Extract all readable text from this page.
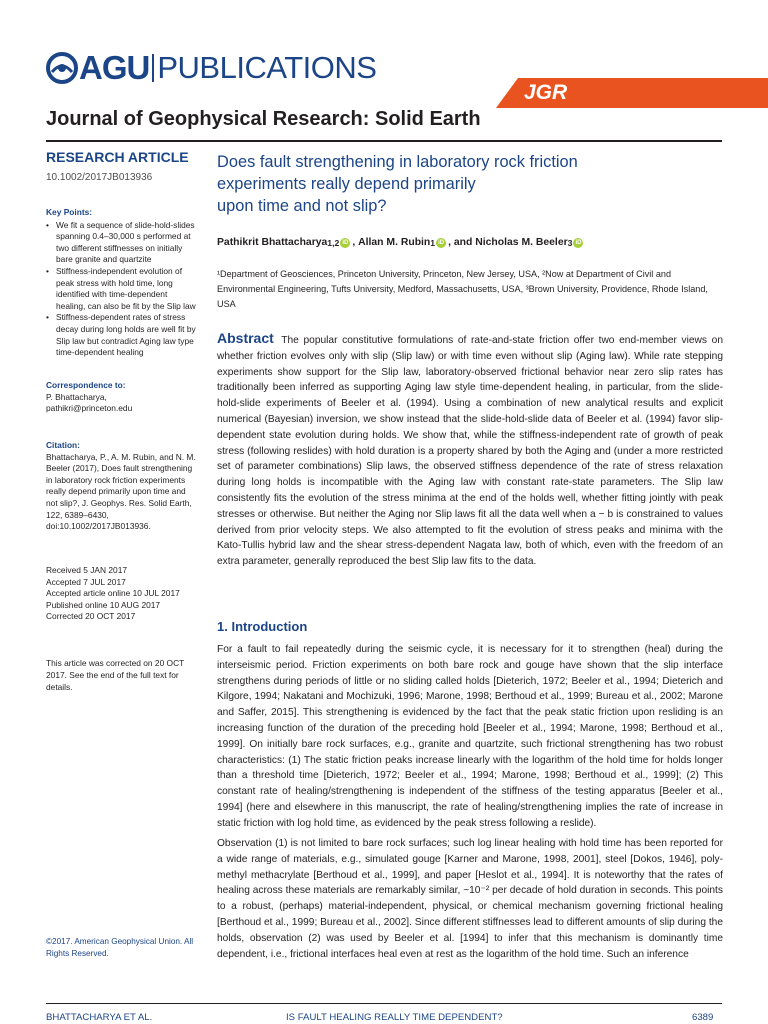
AGU PUBLICATIONS
JGR
Journal of Geophysical Research: Solid Earth
RESEARCH ARTICLE
10.1002/2017JB013936
Key Points:
• We fit a sequence of slide-hold-slides spanning 0.4–30,000 s performed at two different stiffnesses on initially bare granite and quartzite
• Stiffness-independent evolution of peak stress with hold time, long identified with time-dependent healing, can also be fit by the Slip law
• Stiffness-dependent rates of stress decay during long holds are well fit by Slip law but contradict Aging law type time-dependent healing
Correspondence to:
P. Bhattacharya,
pathikri@princeton.edu
Citation:
Bhattacharya, P., A. M. Rubin, and N. M. Beeler (2017), Does fault strengthening in laboratory rock friction experiments really depend primarily upon time and not slip?, J. Geophys. Res. Solid Earth, 122, 6389–6430, doi:10.1002/2017JB013936.
Received 5 JAN 2017
Accepted 7 JUL 2017
Accepted article online 10 JUL 2017
Published online 10 AUG 2017
Corrected 20 OCT 2017
This article was corrected on 20 OCT 2017. See the end of the full text for details.
©2017. American Geophysical Union. All Rights Reserved.
Does fault strengthening in laboratory rock friction
experiments really depend primarily
upon time and not slip?
Pathikrit Bhattacharya 1,2 iD , Allan M. Rubin 1 iD , and Nicholas M. Beeler 3 iD
¹Department of Geosciences, Princeton University, Princeton, New Jersey, USA, ²Now at Department of Civil and Environmental Engineering, Tufts University, Medford, Massachusetts, USA, ³Brown University, Providence, Rhode Island, USA
Abstract The popular constitutive formulations of rate-and-state friction offer two end-member views on whether friction evolves only with slip (Slip law) or with time even without slip (Aging law). While rate stepping experiments show support for the Slip law, laboratory-observed frictional behavior near zero slip rates has traditionally been inferred as supporting Aging law style time-dependent healing, in particular, from the slide-hold-slide experiments of Beeler et al. (1994). Using a combination of new analytical results and explicit numerical (Bayesian) inversion, we show instead that the slide-hold-slide data of Beeler et al. (1994) favor slip-dependent state evolution during holds. We show that, while the stiffness-independent rate of growth of peak stress (following reslides) with hold duration is a property shared by both the Aging and (under a more restricted set of parameter combinations) Slip laws, the observed stiffness dependence of the rate of stress relaxation during long holds is incompatible with the Aging law with constant rate-state parameters. The Slip law consistently fits the evolution of the stress minima at the end of the holds well, whether fitting jointly with peak stresses or otherwise. But neither the Aging nor Slip laws fit all the data well when a − b is constrained to values derived from prior velocity steps. We also attempted to fit the evolution of stress peaks and minima with the Kato-Tullis hybrid law and the shear stress-dependent Nagata law, both of which, even with the freedom of an extra parameter, generally reproduced the best Slip law fits to the data.
1. Introduction
For a fault to fail repeatedly during the seismic cycle, it is necessary for it to strengthen (heal) during the interseismic period. Friction experiments on both bare rock and gouge have shown that the slip interface strengthens during periods of little or no sliding called holds [Dieterich, 1972; Beeler et al., 1994; Dieterich and Kilgore, 1994; Nakatani and Mochizuki, 1996; Marone, 1998; Berthoud et al., 1999; Bureau et al., 2002; Marone and Saffer, 2015]. This strengthening is evidenced by the fact that the peak static friction upon resliding is an increasing function of the duration of the preceding hold [Beeler et al., 1994; Marone, 1998; Berthoud et al., 1999]. On initially bare rock surfaces, e.g., granite and quartzite, such frictional strengthening has two robust characteristics: (1) The static friction peaks increase linearly with the logarithm of the hold time for holds longer than a threshold time [Dieterich, 1972; Beeler et al., 1994; Marone, 1998; Berthoud et al., 1999]; (2) This constant rate of healing/strengthening is independent of the stiffness of the testing apparatus [Beeler et al., 1994] (here and elsewhere in this manuscript, the rate of healing/strengthening implies the rate of increase in static friction with log hold time, as evidenced by the peak stress following a reslide).
Observation (1) is not limited to bare rock surfaces; such log linear healing with hold time has been reported for a wide range of materials, e.g., simulated gouge [Karner and Marone, 1998, 2001], steel [Dokos, 1946], poly-methyl methacrylate [Berthoud et al., 1999], and paper [Heslot et al., 1994]. It is noteworthy that the rates of healing across these materials are remarkably similar, ~10⁻² per decade of hold duration in seconds. This points to a robust, (perhaps) material-independent, physical, or chemical mechanism governing frictional healing [Berthoud et al., 1999; Bureau et al., 2002]. Since different stiffnesses lead to different amounts of slip during the holds, observation (2) was used by Beeler et al. [1994] to infer that this mechanism is dominantly time dependent, i.e., frictional interfaces heal even at rest as the logarithm of the hold time. Such an inference
BHATTACHARYA ET AL.	IS FAULT HEALING REALLY TIME DEPENDENT?	6389
